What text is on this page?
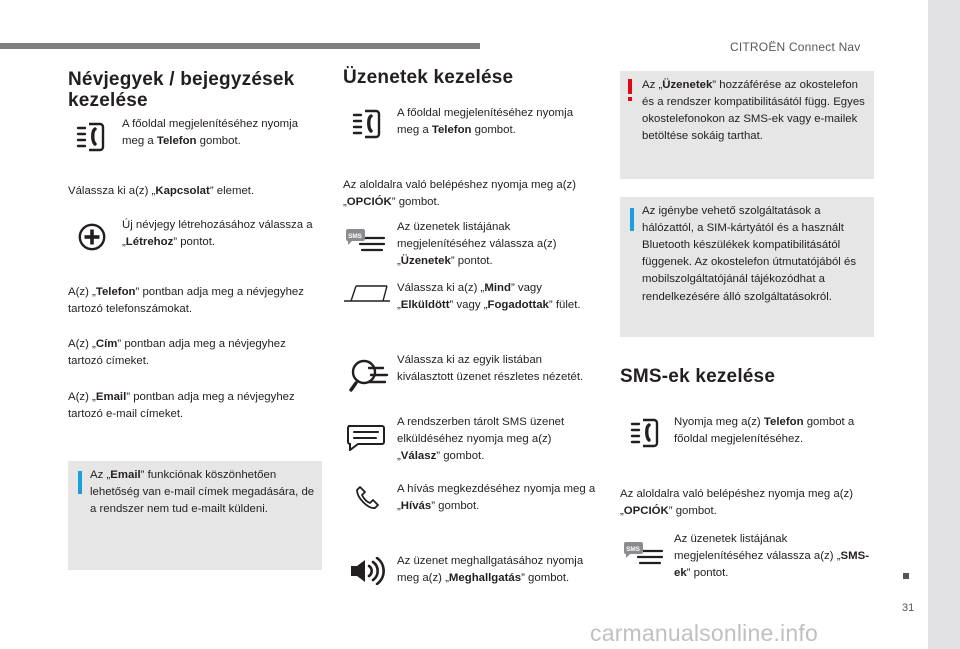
CITROËN Connect Nav
31
carmanualsonline.info
Névjegyek / bejegyzések kezelése
A főoldal megjelenítéséhez nyomja meg a Telefon gombot.
Válassza ki a(z) „Kapcsolat” elemet.
Új névjegy létrehozásához válassza a „Létrehoz” pontot.
A(z) „Telefon” pontban adja meg a névjegyhez tartozó telefonszámokat.
A(z) „Cím” pontban adja meg a névjegyhez tartozó címeket.
A(z) „Email” pontban adja meg a névjegyhez tartozó e-mail címeket.
Az „Email” funkciónak köszönhetően lehetőség van e-mail címek megadására, de a rendszer nem tud e-mailt küldeni.
Üzenetek kezelése
A főoldal megjelenítéséhez nyomja meg a Telefon gombot.
Az aloldalra való belépéshez nyomja meg a(z) „OPCIÓK” gombot.
SMS
Az üzenetek listájának megjelenítéséhez válassza a(z) „Üzenetek” pontot.
Válassza ki a(z) „Mind” vagy „Elküldött” vagy „Fogadottak” fület.
Válassza ki az egyik listában kiválasztott üzenet részletes nézetét.
A rendszerben tárolt SMS üzenet elküldéséhez nyomja meg a(z) „Válasz” gombot.
A hívás megkezdéséhez nyomja meg a „Hívás” gombot.
Az üzenet meghallgatásához nyomja meg a(z) „Meghallgatás” gombot.
Az „Üzenetek” hozzáférése az okostelefon és a rendszer kompatibilitásától függ. Egyes okostelefonokon az SMS-ek vagy e-mailek betöltése sokáig tarthat.
Az igénybe vehető szolgáltatások a hálózattól, a SIM-kártyától és a használt Bluetooth készülékek kompatibilitásától függenek. Az okostelefon útmutatójából és mobilszolgáltatójánál tájékozódhat a rendelkezésére álló szolgáltatásokról.
SMS-ek kezelése
Nyomja meg a(z) Telefon gombot a főoldal megjelenítéséhez.
Az aloldalra való belépéshez nyomja meg a(z) „OPCIÓK” gombot.
SMS
Az üzenetek listájának megjelenítéséhez válassza a(z) „SMS-ek” pontot.
